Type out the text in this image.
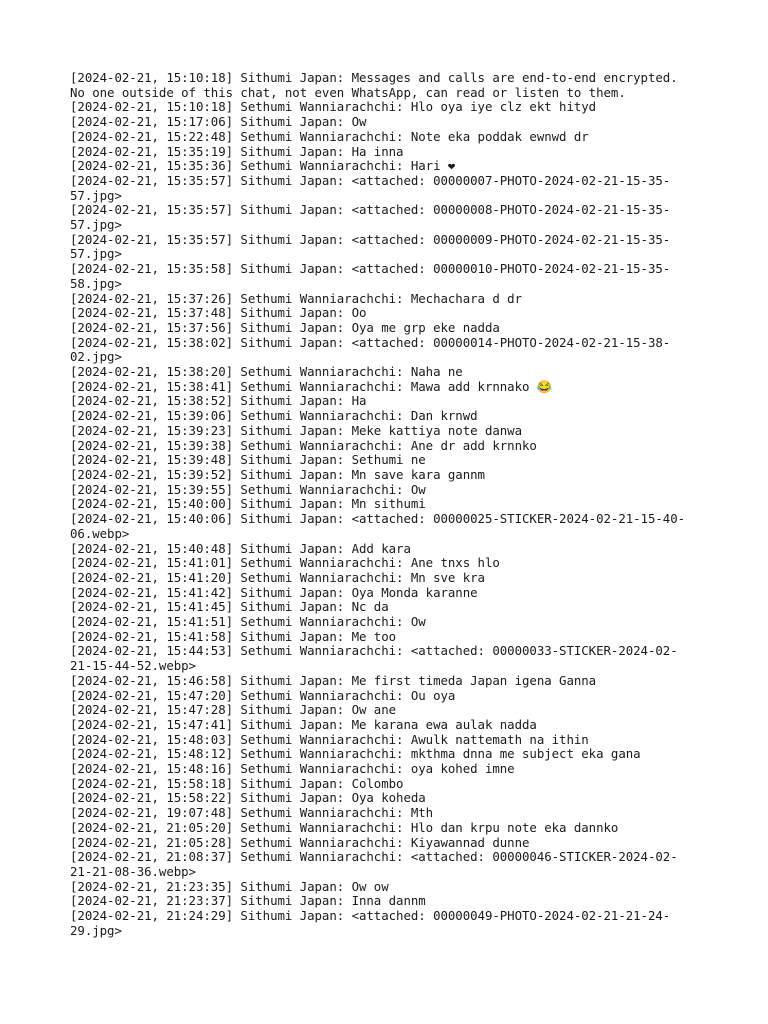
[2024-02-21, 15:10:18] Sithumi Japan: Messages and calls are end-to-end encrypted.
No one outside of this chat, not even WhatsApp, can read or listen to them.
[2024-02-21, 15:10:18] Sethumi Wanniarachchi: Hlo oya iye clz ekt hityd
[2024-02-21, 15:17:06] Sithumi Japan: Ow
[2024-02-21, 15:22:48] Sethumi Wanniarachchi: Note eka poddak ewnwd dr
[2024-02-21, 15:35:19] Sithumi Japan: Ha inna
[2024-02-21, 15:35:36] Sethumi Wanniarachchi: Hari ❤
[2024-02-21, 15:35:57] Sithumi Japan: <attached: 00000007-PHOTO-2024-02-21-15-35-
57.jpg>
[2024-02-21, 15:35:57] Sithumi Japan: <attached: 00000008-PHOTO-2024-02-21-15-35-
57.jpg>
[2024-02-21, 15:35:57] Sithumi Japan: <attached: 00000009-PHOTO-2024-02-21-15-35-
57.jpg>
[2024-02-21, 15:35:58] Sithumi Japan: <attached: 00000010-PHOTO-2024-02-21-15-35-
58.jpg>
[2024-02-21, 15:37:26] Sethumi Wanniarachchi: Mechachara d dr
[2024-02-21, 15:37:48] Sithumi Japan: Oo
[2024-02-21, 15:37:56] Sithumi Japan: Oya me grp eke nadda
[2024-02-21, 15:38:02] Sithumi Japan: <attached: 00000014-PHOTO-2024-02-21-15-38-
02.jpg>
[2024-02-21, 15:38:20] Sethumi Wanniarachchi: Naha ne
[2024-02-21, 15:38:41] Sethumi Wanniarachchi: Mawa add krnnako 😂
[2024-02-21, 15:38:52] Sithumi Japan: Ha
[2024-02-21, 15:39:06] Sethumi Wanniarachchi: Dan krnwd
[2024-02-21, 15:39:23] Sithumi Japan: Meke kattiya note danwa
[2024-02-21, 15:39:38] Sethumi Wanniarachchi: Ane dr add krnnko
[2024-02-21, 15:39:48] Sithumi Japan: Sethumi ne
[2024-02-21, 15:39:52] Sithumi Japan: Mn save kara gannm
[2024-02-21, 15:39:55] Sethumi Wanniarachchi: Ow
[2024-02-21, 15:40:00] Sithumi Japan: Mn sithumi
[2024-02-21, 15:40:06] Sithumi Japan: <attached: 00000025-STICKER-2024-02-21-15-40-
06.webp>
[2024-02-21, 15:40:48] Sithumi Japan: Add kara
[2024-02-21, 15:41:01] Sethumi Wanniarachchi: Ane tnxs hlo
[2024-02-21, 15:41:20] Sethumi Wanniarachchi: Mn sve kra
[2024-02-21, 15:41:42] Sithumi Japan: Oya Monda karanne
[2024-02-21, 15:41:45] Sithumi Japan: Nc da
[2024-02-21, 15:41:51] Sethumi Wanniarachchi: Ow
[2024-02-21, 15:41:58] Sithumi Japan: Me too
[2024-02-21, 15:44:53] Sethumi Wanniarachchi: <attached: 00000033-STICKER-2024-02-
21-15-44-52.webp>
[2024-02-21, 15:46:58] Sithumi Japan: Me first timeda Japan igena Ganna
[2024-02-21, 15:47:20] Sethumi Wanniarachchi: Ou oya
[2024-02-21, 15:47:28] Sithumi Japan: Ow ane
[2024-02-21, 15:47:41] Sithumi Japan: Me karana ewa aulak nadda
[2024-02-21, 15:48:03] Sethumi Wanniarachchi: Awulk nattemath na ithin
[2024-02-21, 15:48:12] Sethumi Wanniarachchi: mkthma dnna me subject eka gana
[2024-02-21, 15:48:16] Sethumi Wanniarachchi: oya kohed imne
[2024-02-21, 15:58:18] Sithumi Japan: Colombo
[2024-02-21, 15:58:22] Sithumi Japan: Oya koheda
[2024-02-21, 19:07:48] Sethumi Wanniarachchi: Mth
[2024-02-21, 21:05:20] Sethumi Wanniarachchi: Hlo dan krpu note eka dannko
[2024-02-21, 21:05:28] Sethumi Wanniarachchi: Kiyawannad dunne
[2024-02-21, 21:08:37] Sethumi Wanniarachchi: <attached: 00000046-STICKER-2024-02-
21-21-08-36.webp>
[2024-02-21, 21:23:35] Sithumi Japan: Ow ow
[2024-02-21, 21:23:37] Sithumi Japan: Inna dannm
[2024-02-21, 21:24:29] Sithumi Japan: <attached: 00000049-PHOTO-2024-02-21-21-24-
29.jpg>
